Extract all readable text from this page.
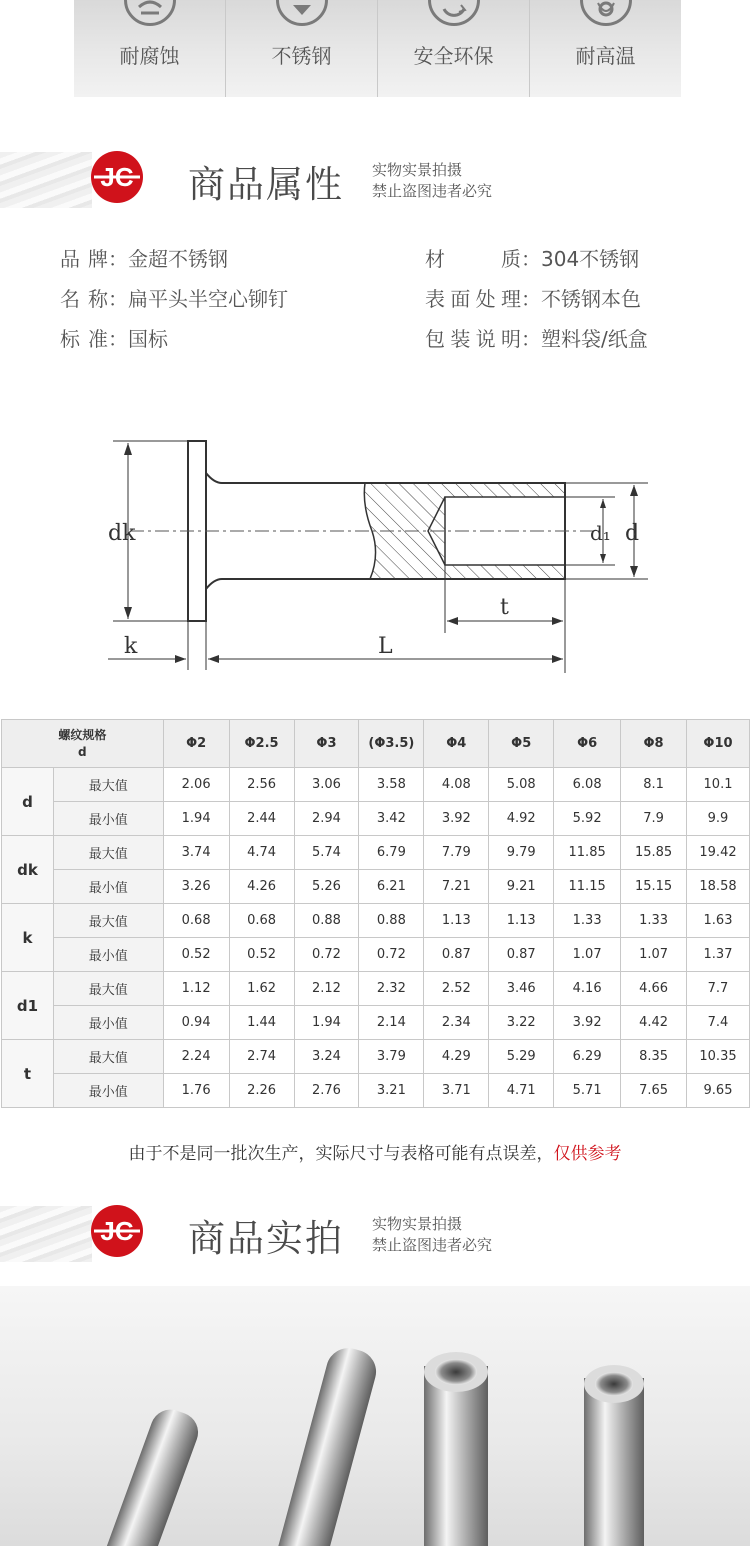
耐腐蚀	不锈钢	安全环保	耐高温
JC 商品属性 实物实景拍摄
禁止盗图违者必究
品 牌：金超不锈钢
名 称：扁平头半空心铆钉
标 准：国标
材 质：304不锈钢
表面处理：不锈钢本色
包装说明：塑料袋/纸盒
dk	d₁ d
t
k	L
螺纹规格
d		Φ2	Φ2.5	Φ3	(Φ3.5)	Φ4	Φ5	Φ6	Φ8	Φ10
d	最大值	2.06	2.56	3.06	3.58	4.08	5.08	6.08	8.1	10.1
	最小值	1.94	2.44	2.94	3.42	3.92	4.92	5.92	7.9	9.9
dk	最大值	3.74	4.74	5.74	6.79	7.79	9.79	11.85	15.85	19.42
	最小值	3.26	4.26	5.26	6.21	7.21	9.21	11.15	15.15	18.58
k	最大值	0.68	0.68	0.88	0.88	1.13	1.13	1.33	1.33	1.63
	最小值	0.52	0.52	0.72	0.72	0.87	0.87	1.07	1.07	1.37
d1	最大值	1.12	1.62	2.12	2.32	2.52	3.46	4.16	4.66	7.7
	最小值	0.94	1.44	1.94	2.14	2.34	3.22	3.92	4.42	7.4
t	最大值	2.24	2.74	3.24	3.79	4.29	5.29	6.29	8.35	10.35
	最小值	1.76	2.26	2.76	3.21	3.71	4.71	5.71	7.65	9.65
由于不是同一批次生产，实际尺寸与表格可能有点误差，仅供参考
JC 商品实拍 实物实景拍摄
禁止盗图违者必究
